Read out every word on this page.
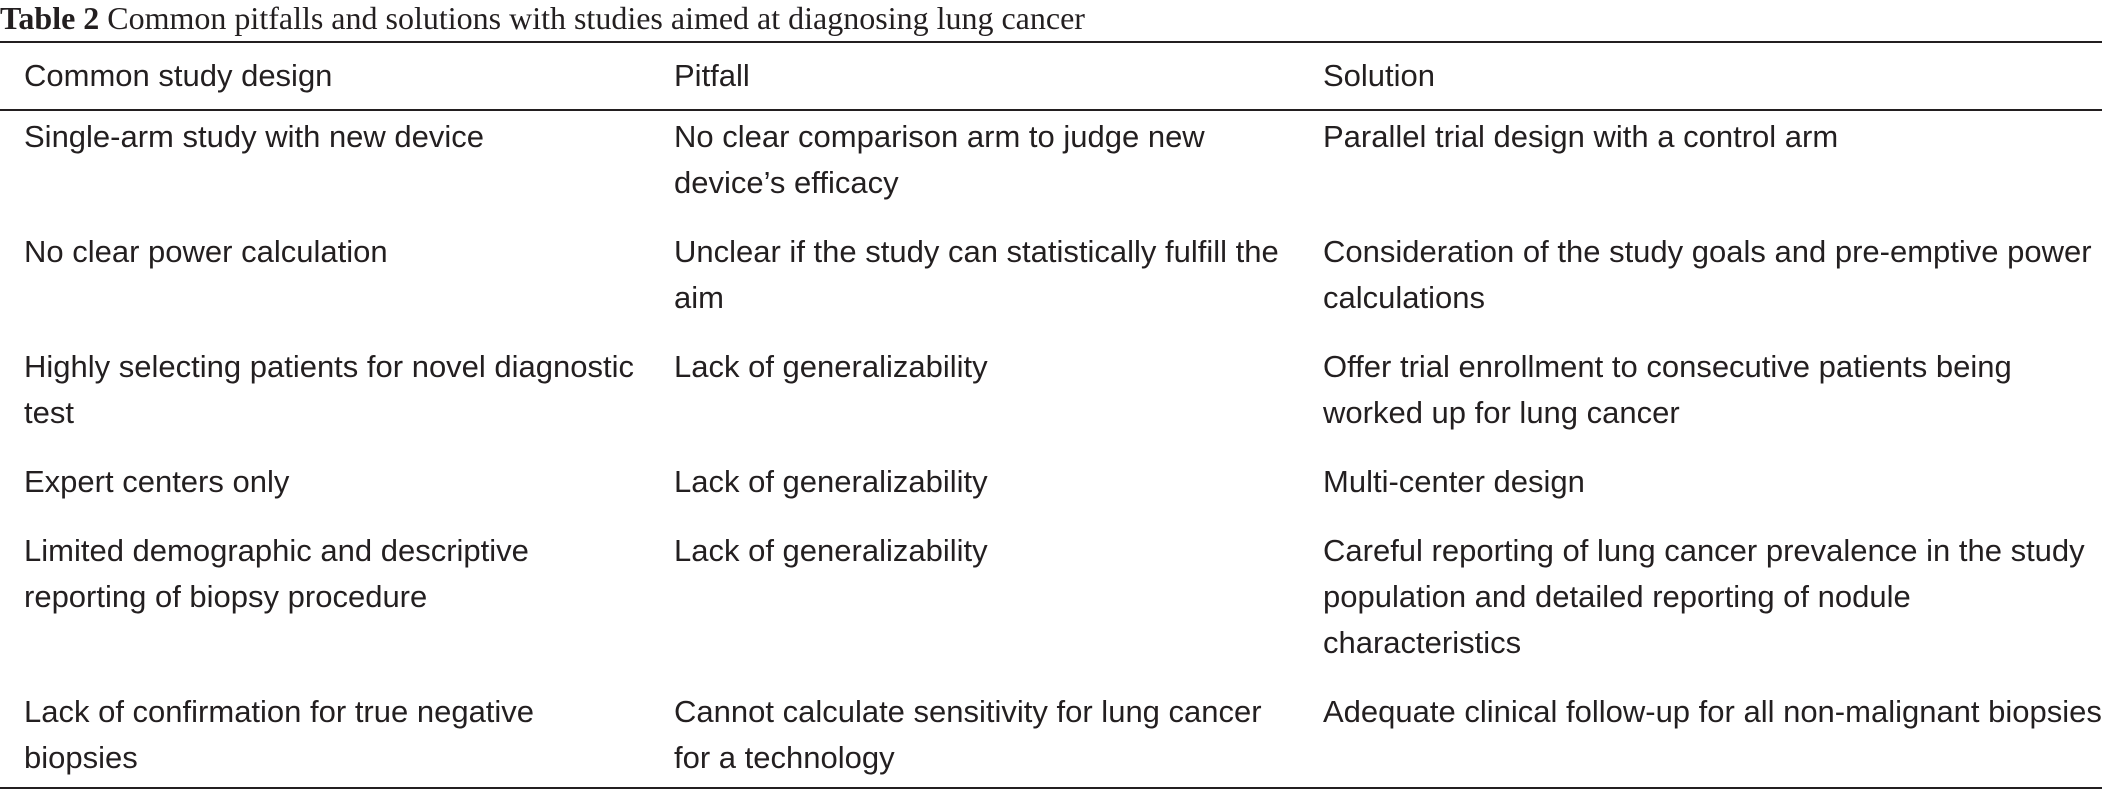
Table 2 Common pitfalls and solutions with studies aimed at diagnosing lung cancer
Common study design	Pitfall	Solution
Single-arm study with new device	No clear comparison arm to judge new device’s efficacy	Parallel trial design with a control arm
No clear power calculation	Unclear if the study can statistically fulfill the aim	Consideration of the study goals and pre-emptive power calculations
Highly selecting patients for novel diagnostic test	Lack of generalizability	Offer trial enrollment to consecutive patients being worked up for lung cancer
Expert centers only	Lack of generalizability	Multi-center design
Limited demographic and descriptive reporting of biopsy procedure	Lack of generalizability	Careful reporting of lung cancer prevalence in the study population and detailed reporting of nodule characteristics
Lack of confirmation for true negative biopsies	Cannot calculate sensitivity for lung cancer for a technology	Adequate clinical follow-up for all non-malignant biopsies
